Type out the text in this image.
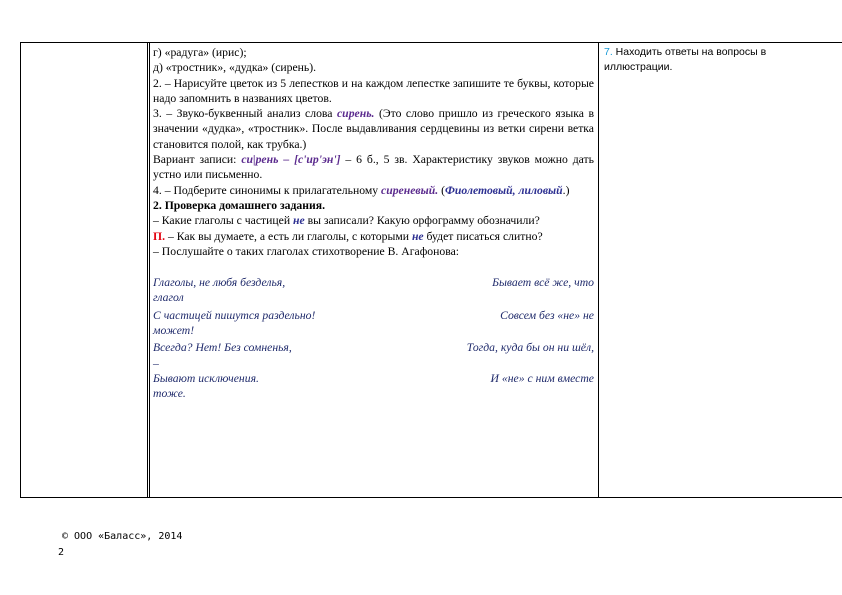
г) «радуга» (ирис);

д) «тростник», «дудка» (сирень).

2. – Нарисуйте цветок из 5 лепестков и на каждом лепестке запишите те буквы, которые надо запомнить в названиях цветов.

3. – Звуко-буквенный анализ слова сирень. (Это слово пришло из греческого языка в значении «дудка», «тростник». После выдавливания сердцевины из ветки сирени ветка становится полой, как трубка.)

Вариант записи: си|рень – [с'ир'эн'] – 6 б., 5 зв. Характеристику звуков можно дать устно или письменно.

4. – Подберите синонимы к прилагательному сиреневый. (Фиолетовый, лиловый.)

2. Проверка домашнего задания.

– Какие глаголы с частицей не вы записали? Какую орфограмму обозначили?

П. – Как вы думаете, а есть ли глаголы, с которыми не будет писаться слитно?

– Послушайте о таких глаголах стихотворение В. Агафонова:

Глаголы, не любя безделья,	Бывает всё же, что
глагол
С частицей пишутся раздельно!	Совсем без «не» не
может!
Всегда? Нет! Без сомненья,	Тогда, куда бы он ни шёл,
–
Бывают исключения.	И «не» с ним вместе
тоже.
7. Находить ответы на вопросы в иллюстрации.
© ООО «Баласс», 2014
2
